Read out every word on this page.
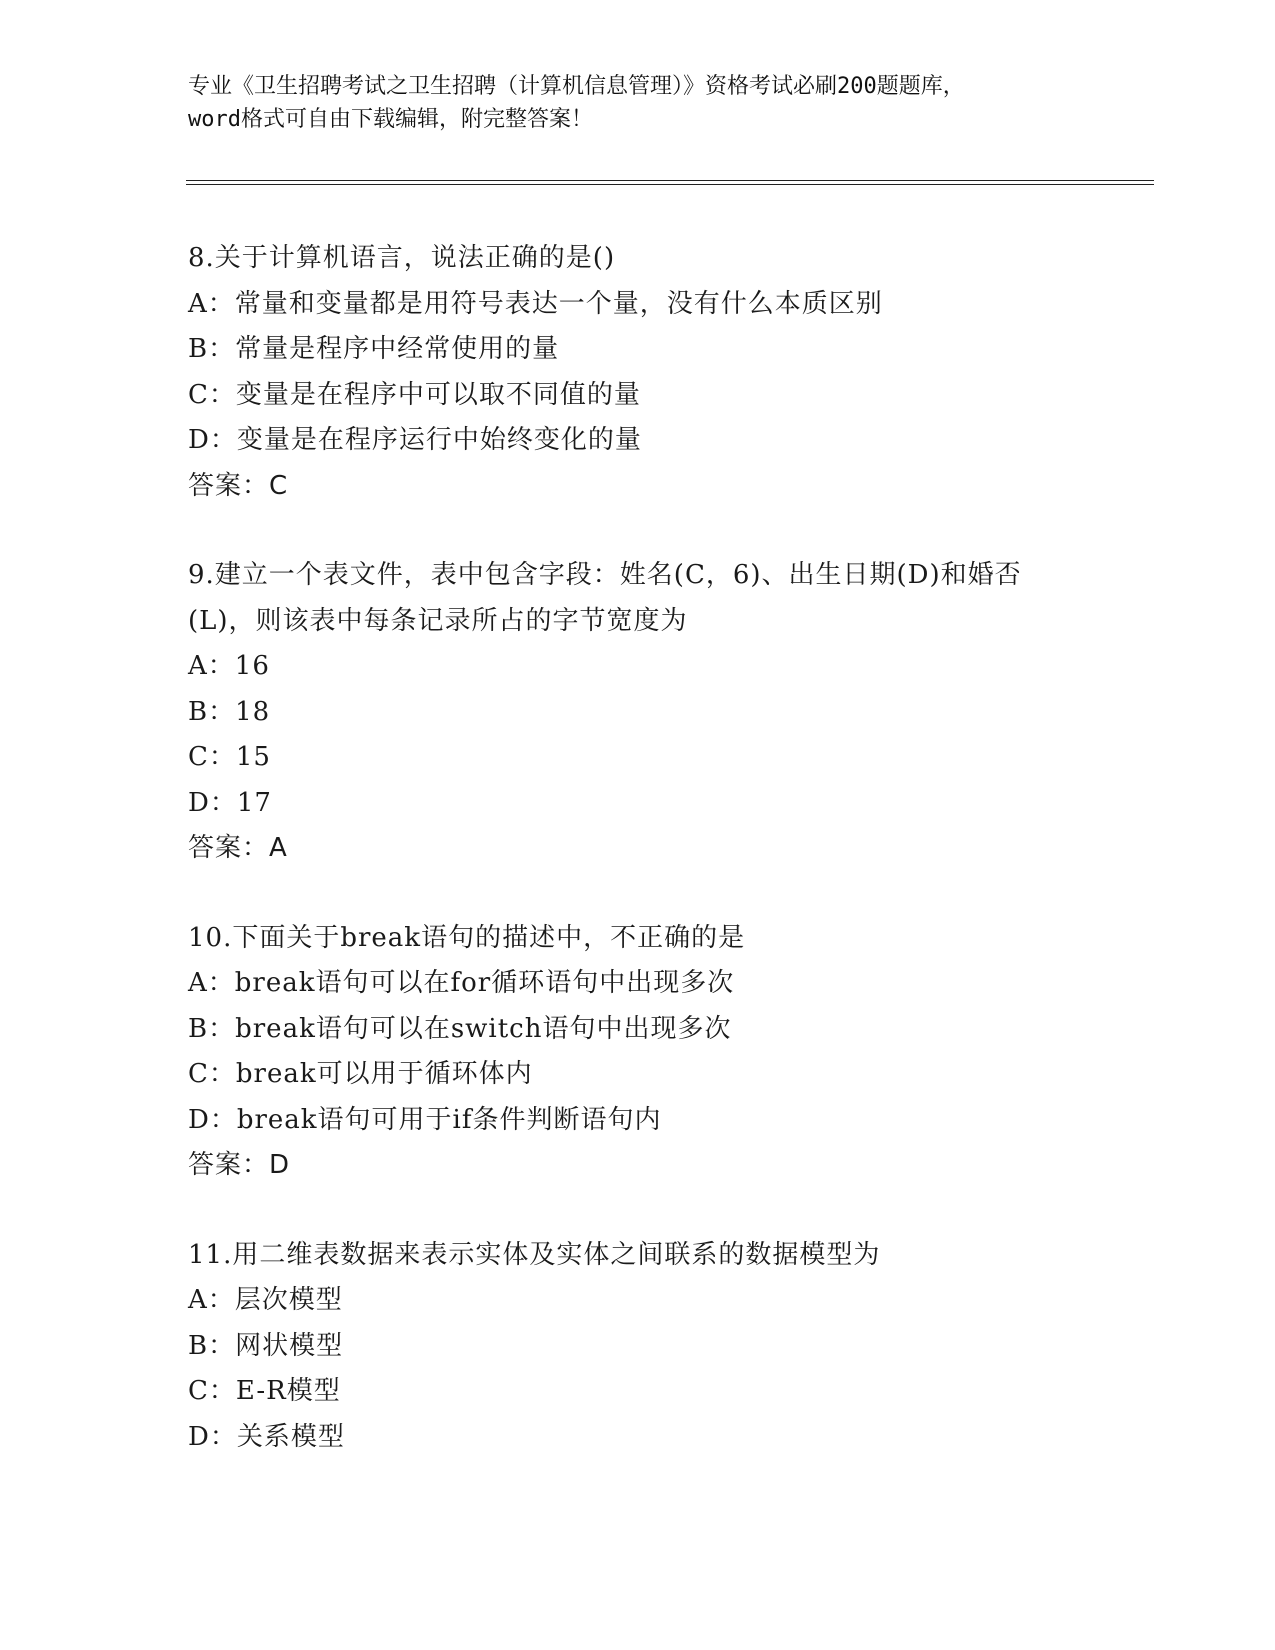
专业《卫生招聘考试之卫生招聘（计算机信息管理）》资格考试必刷200题题库，
word格式可自由下载编辑，附完整答案！
8.关于计算机语言，说法正确的是()
A：常量和变量都是用符号表达一个量，没有什么本质区别
B：常量是程序中经常使用的量
C：变量是在程序中可以取不同值的量
D：变量是在程序运行中始终变化的量
答案：C
9.建立一个表文件，表中包含字段：姓名(C，6)、出生日期(D)和婚否
(L)，则该表中每条记录所占的字节宽度为
A：16
B：18
C：15
D：17
答案：A
10.下面关于break语句的描述中，不正确的是
A：break语句可以在for循环语句中出现多次
B：break语句可以在switch语句中出现多次
C：break可以用于循环体内
D：break语句可用于if条件判断语句内
答案：D
11.用二维表数据来表示实体及实体之间联系的数据模型为
A：层次模型
B：网状模型
C：E-R模型
D：关系模型
